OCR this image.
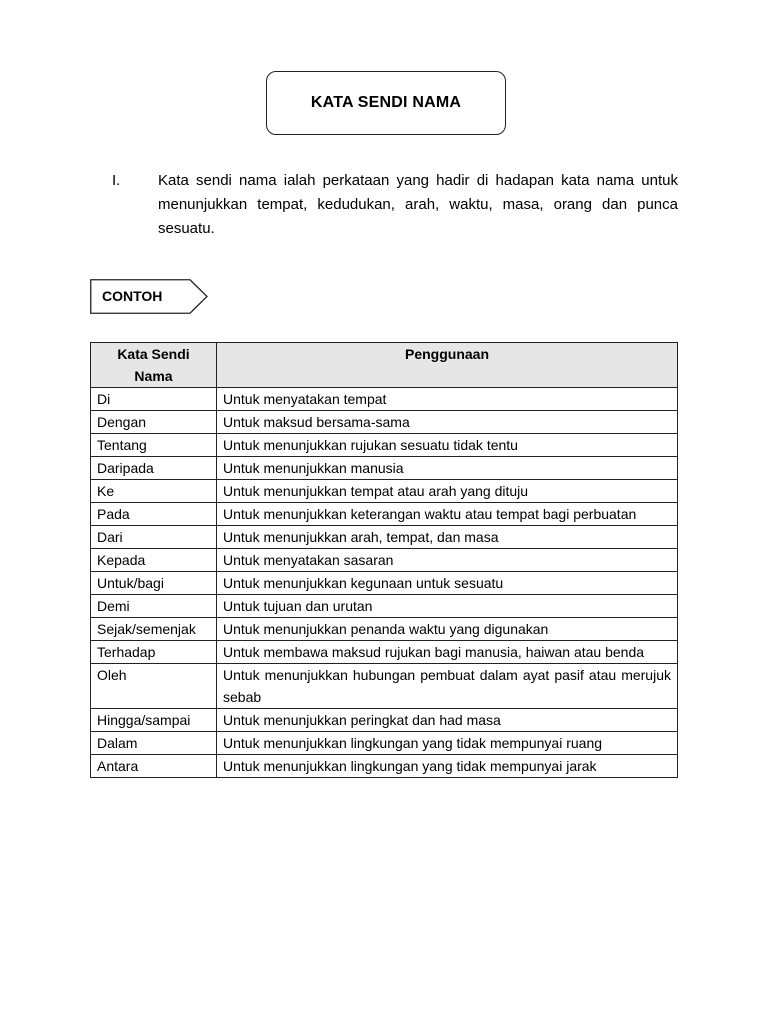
KATA SENDI NAMA
I.	Kata sendi nama ialah perkataan yang hadir di hadapan kata nama untuk menunjukkan tempat, kedudukan, arah, waktu, masa, orang dan punca sesuatu.
CONTOH
Kata Sendi Nama	Penggunaan
Di	Untuk menyatakan tempat
Dengan	Untuk maksud bersama-sama
Tentang	Untuk menunjukkan rujukan sesuatu tidak tentu
Daripada	Untuk menunjukkan manusia
Ke	Untuk menunjukkan tempat atau arah yang dituju
Pada	Untuk menunjukkan keterangan waktu atau tempat bagi perbuatan
Dari	Untuk menunjukkan arah, tempat, dan masa
Kepada	Untuk menyatakan sasaran
Untuk/bagi	Untuk menunjukkan kegunaan untuk sesuatu
Demi	Untuk tujuan dan urutan
Sejak/semenjak	Untuk menunjukkan penanda waktu yang digunakan
Terhadap	Untuk membawa maksud rujukan bagi manusia, haiwan atau benda
Oleh	Untuk menunjukkan hubungan pembuat dalam ayat pasif atau merujuk sebab
Hingga/sampai	Untuk menunjukkan peringkat dan had masa
Dalam	Untuk menunjukkan lingkungan yang tidak mempunyai ruang
Antara	Untuk menunjukkan lingkungan yang tidak mempunyai jarak
